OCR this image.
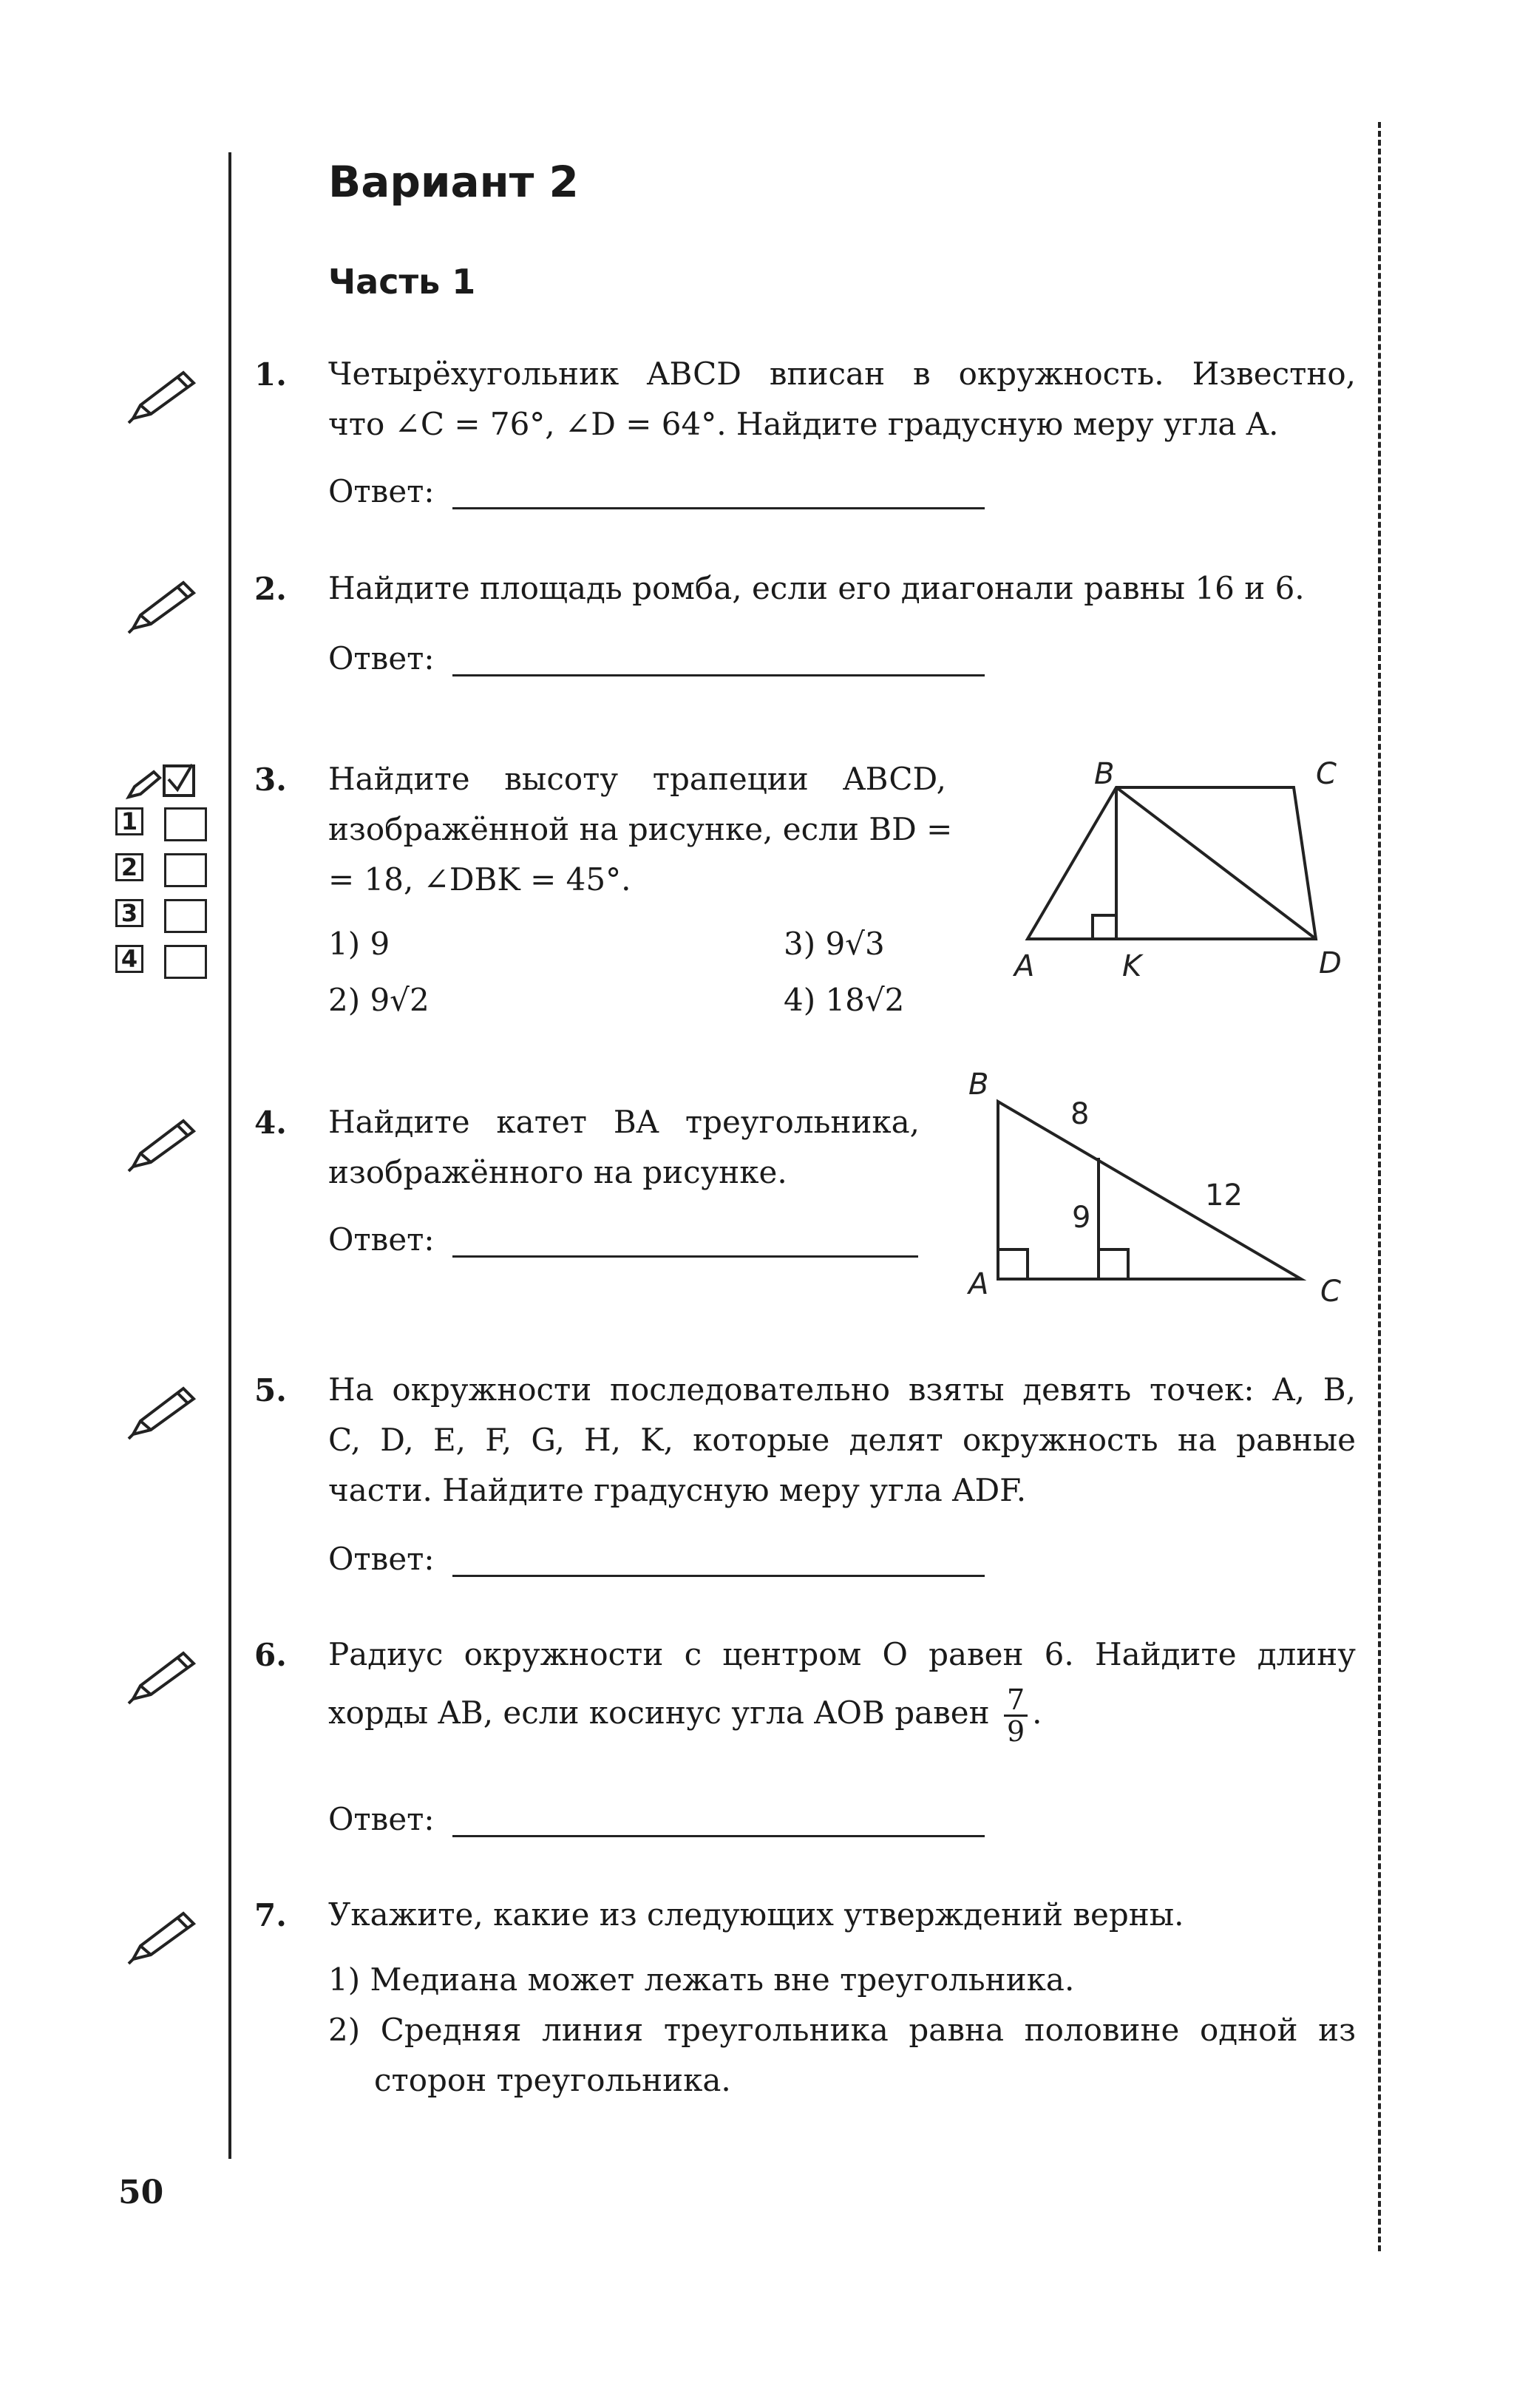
Вариант 2
Часть 1
1. Четырёхугольник ABCD вписан в окружность. Известно,
что ∠C = 76°, ∠D = 64°. Найдите градусную меру угла A.
Ответ:
2. Найдите площадь ромба, если его диагонали равны 16 и 6.
Ответ:
1
2
3
4
3. Найдите высоту трапеции ABCD,
изображённой на рисунке, если BD =
= 18, ∠DBK = 45°.
1) 9
2) 9√2
3) 9√3
4) 18√2
B	C
A	K	D
4. Найдите катет BA треугольника,
изображённого на рисунке.
Ответ:
B
A	C
8
9
12
5. На окружности последовательно взяты девять точек: A, B,
C, D, E, F, G, H, K, которые делят окружность на равные
части. Найдите градусную меру угла ADF.
Ответ:
6. Радиус окружности с центром O равен 6. Найдите длину
хорды AB, если косинус угла AOB равен $\frac{7}{9}$ .
Ответ:
7. Укажите, какие из следующих утверждений верны.
1) Медиана может лежать вне треугольника.
2) Средняя линия треугольника равна половине одной из
сторон треугольника.
50
